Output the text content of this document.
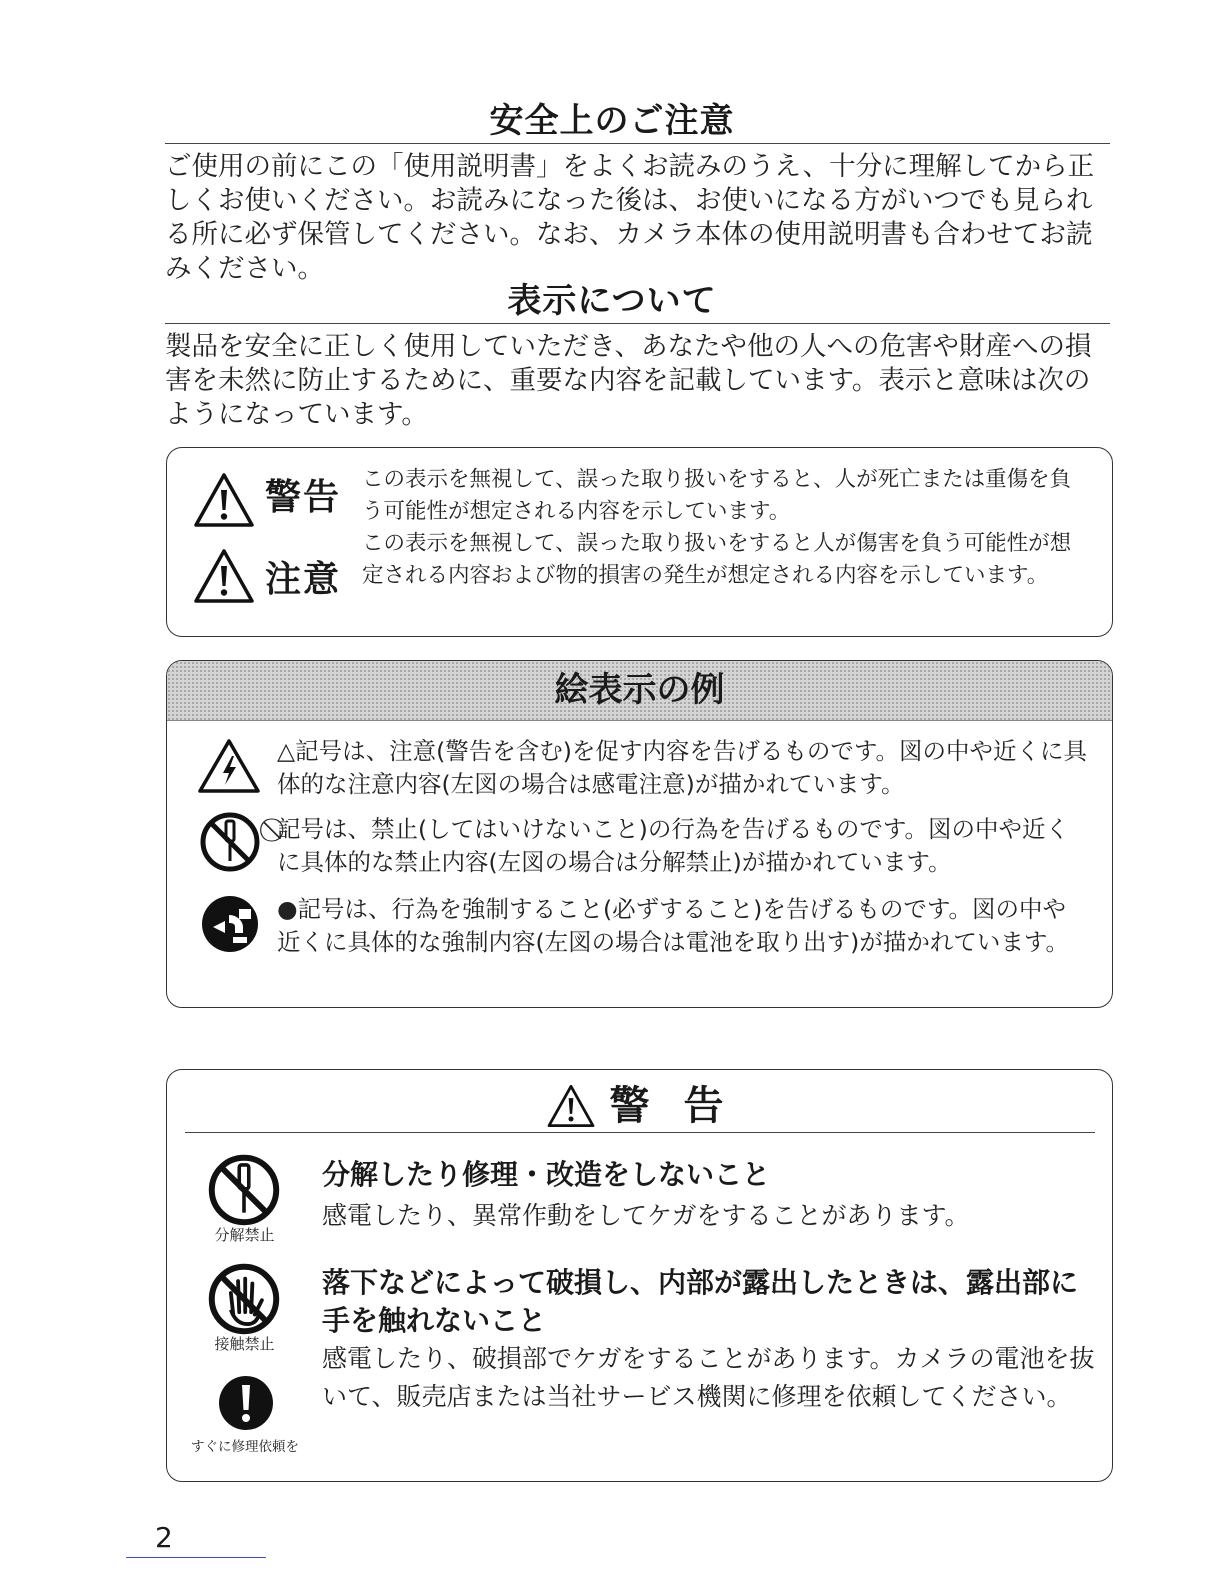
安全上のご注意
ご使用の前にこの「使用説明書」をよくお読みのうえ、十分に理解してから正しくお使いください。お読みになった後は、お使いになる方がいつでも見られる所に必ず保管してください。なお、カメラ本体の使用説明書も合わせてお読みください。
表示について
製品を安全に正しく使用していただき、あなたや他の人への危害や財産への損害を未然に防止するために、重要な内容を記載しています。表示と意味は次のようになっています。
警告 この表示を無視して、誤った取り扱いをすると、人が死亡または重傷を負う可能性が想定される内容を示しています。
注意
この表示を無視して、誤った取り扱いをすると人が傷害を負う可能性が想定される内容および物的損害の発生が想定される内容を示しています。
絵表示の例
△記号は、注意(警告を含む)を促す内容を告げるものです。図の中や近くに具体的な注意内容(左図の場合は感電注意)が描かれています。
⃠記号は、禁止(してはいけないこと)の行為を告げるものです。図の中や近くに具体的な禁止内容(左図の場合は分解禁止)が描かれています。
●記号は、行為を強制すること(必ずすること)を告げるものです。図の中や近くに具体的な強制内容(左図の場合は電池を取り出す)が描かれています。
警 告
分解禁止
分解したり修理・改造をしないこと
感電したり、異常作動をしてケガをすることがあります。
接触禁止
落下などによって破損し、内部が露出したときは、露出部に手を触れないこと
感電したり、破損部でケガをすることがあります。カメラの電池を抜いて、販売店または当社サービス機関に修理を依頼してください。
すぐに修理依頼を
2
